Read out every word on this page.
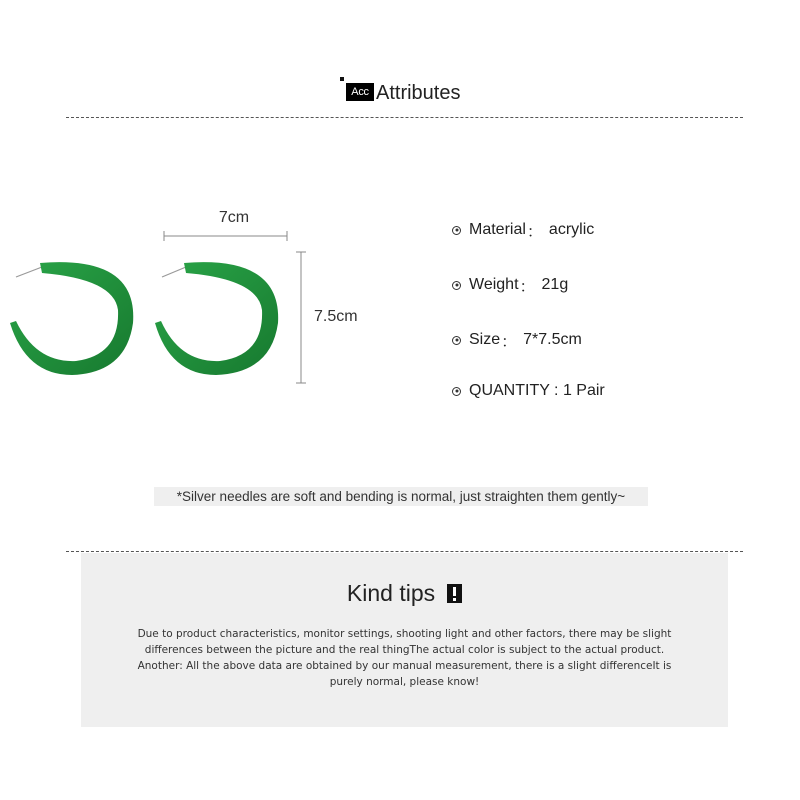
Acc Attributes
7cm
7.5cm
Material ： acrylic
Weight ： 21g
Size ： 7*7.5cm
QUANTITY : 1 Pair
*Silver needles are soft and bending is normal, just straighten them gently~
Kind tips
Due to product characteristics, monitor settings, shooting light and other factors, there may be slight
differences between the picture and the real thingThe actual color is subject to the actual product.
Another: All the above data are obtained by our manual measurement, there is a slight differenceIt is
purely normal, please know!
